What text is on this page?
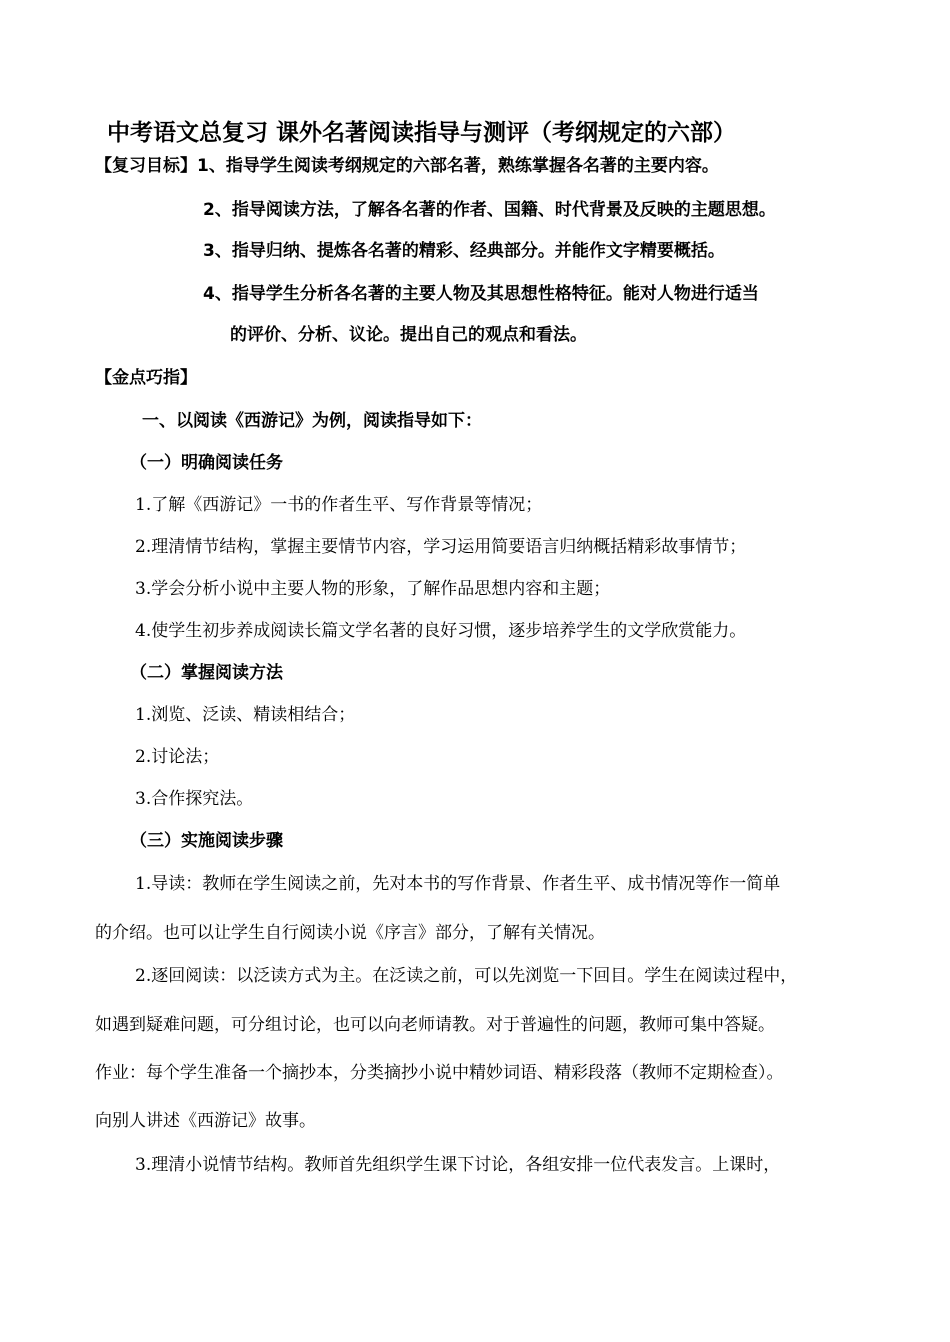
中考语文总复习 课外名著阅读指导与测评（考纲规定的六部）
【复习目标】 1、指导学生阅读考纲规定的六部名著，熟练掌握各名著的主要内容。
2、指导阅读方法，了解各名著的作者、国籍、时代背景及反映的主题思想。
3、指导归纳、提炼各名著的精彩、经典部分。并能作文字精要概括。
4、指导学生分析各名著的主要人物及其思想性格特征。能对人物进行适当
的评价、分析、议论。提出自己的观点和看法。
【金点巧指】
一、以阅读《西游记》为例，阅读指导如下：
（一）明确阅读任务
1.了解《西游记》一书的作者生平、写作背景等情况；
2.理清情节结构，掌握主要情节内容，学习运用简要语言归纳概括精彩故事情节；
3.学会分析小说中主要人物的形象，了解作品思想内容和主题；
4.使学生初步养成阅读长篇文学名著的良好习惯，逐步培养学生的文学欣赏能力。
（二）掌握阅读方法
1.浏览、泛读、精读相结合；
2.讨论法；
3.合作探究法。
（三）实施阅读步骤
1.导读：教师在学生阅读之前，先对本书的写作背景、作者生平、成书情况等作一简单
的介绍。也可以让学生自行阅读小说《序言》部分，了解有关情况。
2.逐回阅读：以泛读方式为主。在泛读之前，可以先浏览一下回目。学生在阅读过程中，
如遇到疑难问题，可分组讨论，也可以向老师请教。对于普遍性的问题，教师可集中答疑。
作业：每个学生准备一个摘抄本，分类摘抄小说中精妙词语、精彩段落（教师不定期检查）。
向别人讲述《西游记》故事。
3.理清小说情节结构。教师首先组织学生课下讨论，各组安排一位代表发言。上课时，
